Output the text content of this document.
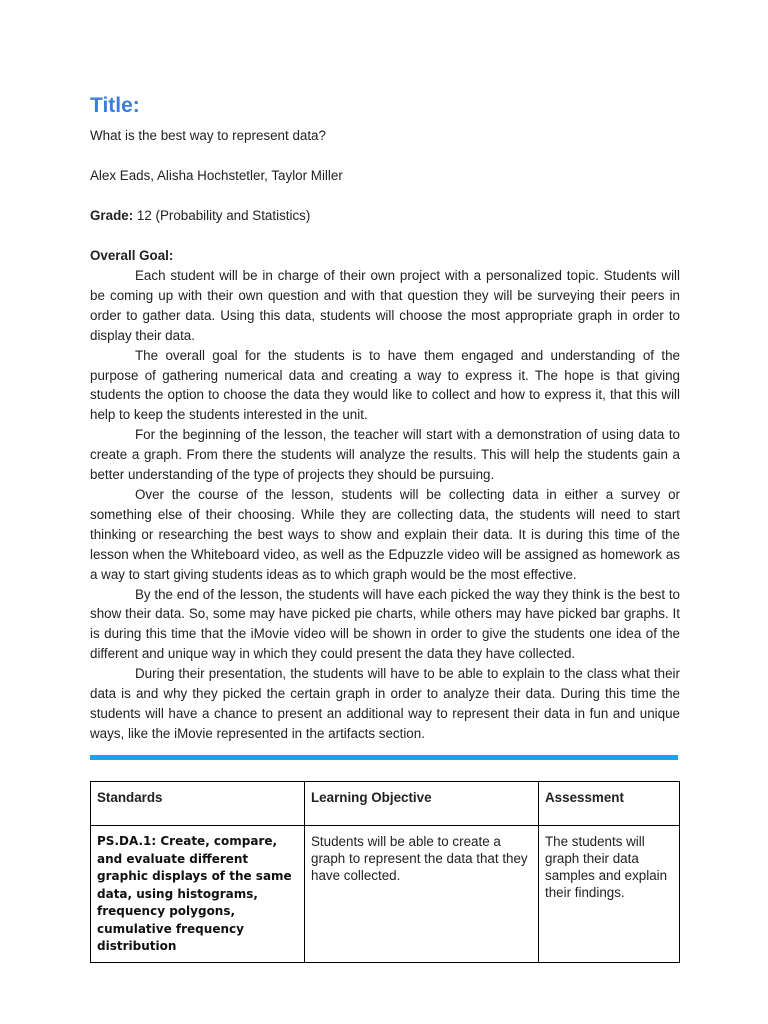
Title:

What is the best way to represent data?

Alex Eads, Alisha Hochstetler, Taylor Miller

Grade: 12 (Probability and Statistics)

Overall Goal:

Each student will be in charge of their own project with a personalized topic. Students will be coming up with their own question and with that question they will be surveying their peers in order to gather data. Using this data, students will choose the most appropriate graph in order to display their data.

The overall goal for the students is to have them engaged and understanding of the purpose of gathering numerical data and creating a way to express it. The hope is that giving students the option to choose the data they would like to collect and how to express it, that this will help to keep the students interested in the unit.

For the beginning of the lesson, the teacher will start with a demonstration of using data to create a graph. From there the students will analyze the results. This will help the students gain a better understanding of the type of projects they should be pursuing.

Over the course of the lesson, students will be collecting data in either a survey or something else of their choosing. While they are collecting data, the students will need to start thinking or researching the best ways to show and explain their data. It is during this time of the lesson when the Whiteboard video, as well as the Edpuzzle video will be assigned as homework as a way to start giving students ideas as to which graph would be the most effective.

By the end of the lesson, the students will have each picked the way they think is the best to show their data. So, some may have picked pie charts, while others may have picked bar graphs. It is during this time that the iMovie video will be shown in order to give the students one idea of the different and unique way in which they could present the data they have collected.

During their presentation, the students will have to be able to explain to the class what their data is and why they picked the certain graph in order to analyze their data. During this time the students will have a chance to present an additional way to represent their data in fun and unique ways, like the iMovie represented in the artifacts section.

Standards	Learning Objective	Assessment
PS.DA.1: Create, compare, and evaluate different graphic displays of the same data, using histograms, frequency polygons, cumulative frequency distribution	Students will be able to create a graph to represent the data that they have collected.	The students will graph their data samples and explain their findings.
